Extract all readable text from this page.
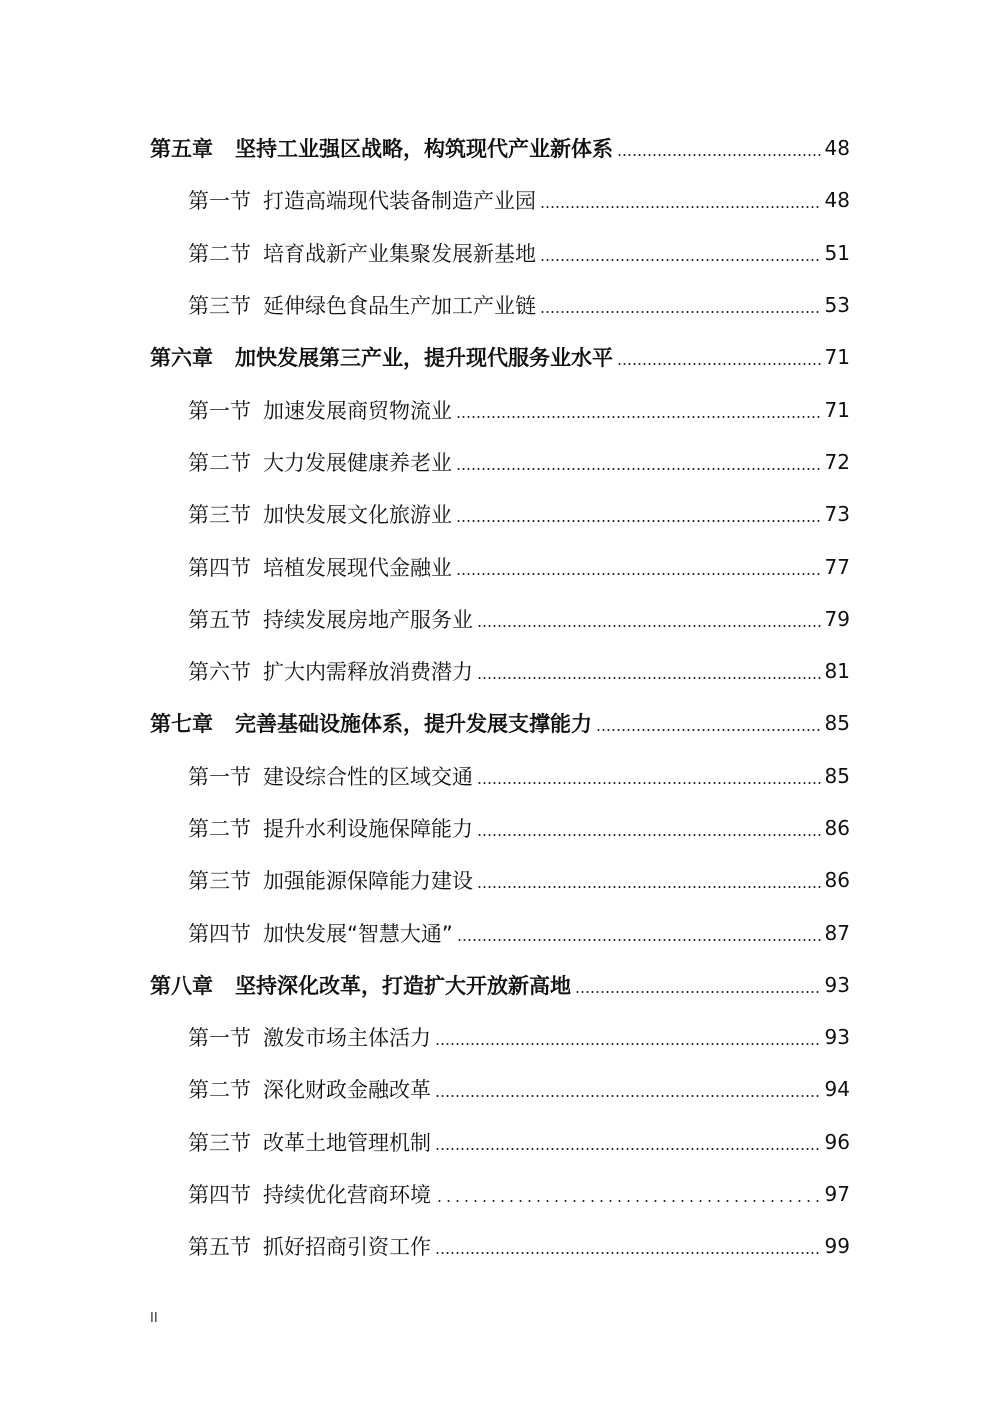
第五章 坚持工业强区战略，构筑现代产业新体系	48
第一节 打造高端现代装备制造产业园	48
第二节 培育战新产业集聚发展新基地	51
第三节 延伸绿色食品生产加工产业链	53
第六章 加快发展第三产业，提升现代服务业水平	71
第一节 加速发展商贸物流业	71
第二节 大力发展健康养老业	72
第三节 加快发展文化旅游业	73
第四节 培植发展现代金融业	77
第五节 持续发展房地产服务业	79
第六节 扩大内需释放消费潜力	81
第七章 完善基础设施体系，提升发展支撑能力	85
第一节 建设综合性的区域交通	85
第二节 提升水利设施保障能力	86
第三节 加强能源保障能力建设	86
第四节 加快发展“智慧大通”	87
第八章 坚持深化改革，打造扩大开放新高地	93
第一节 激发市场主体活力	93
第二节 深化财政金融改革	94
第三节 改革土地管理机制	96
第四节 持续优化营商环境	97
第五节 抓好招商引资工作	99
II
